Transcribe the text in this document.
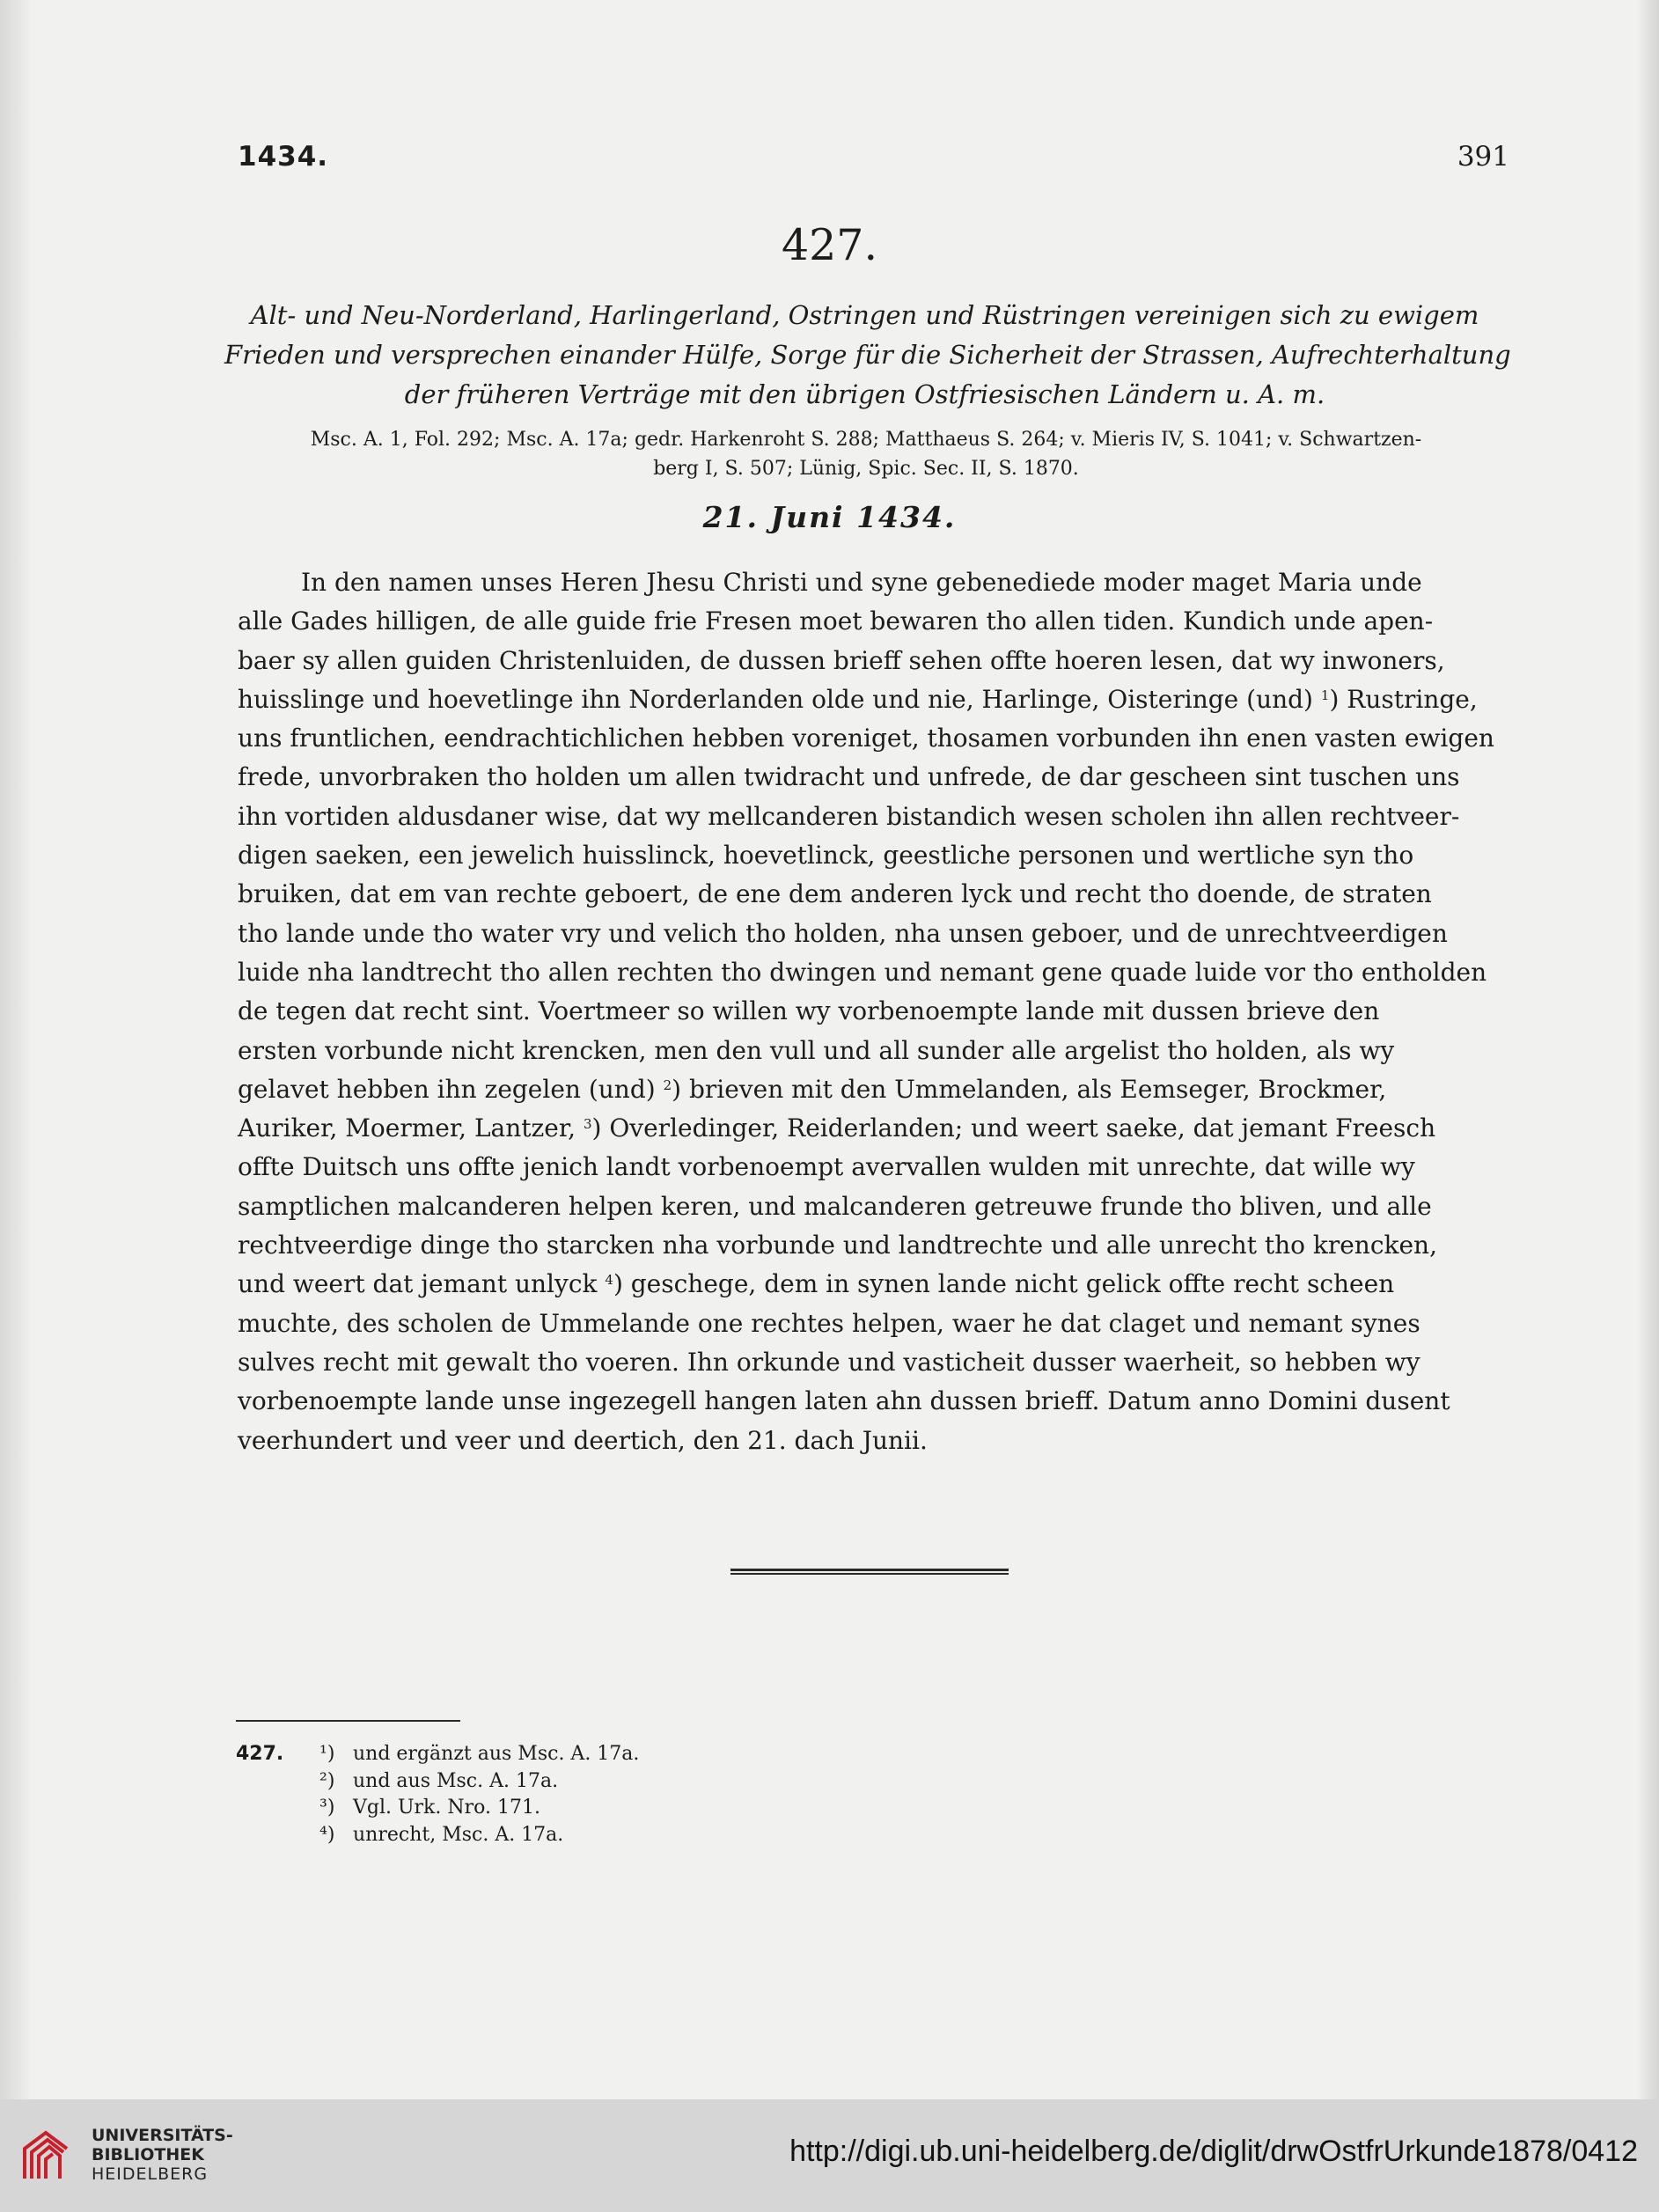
1434.	391
427.
Alt- und Neu-Norderland, Harlingerland, Ostringen und Rüstringen vereinigen sich zu ewigem
Frieden und versprechen einander Hülfe, Sorge für die Sicherheit der Strassen, Aufrechterhaltung
der früheren Verträge mit den übrigen Ostfriesischen Ländern u. A. m.
Msc. A. 1, Fol. 292; Msc. A. 17a; gedr. Harkenroht S. 288; Matthaeus S. 264; v. Mieris IV, S. 1041; v. Schwartzen-
berg I, S. 507; Lünig, Spic. Sec. II, S. 1870.
21. Juni 1434.
In den namen unses Heren Jhesu Christi und syne gebenediede moder maget Maria unde
alle Gades hilligen, de alle guide frie Fresen moet bewaren tho allen tiden. Kundich unde apen-
baer sy allen guiden Christenluiden, de dussen brieff sehen offte hoeren lesen, dat wy inwoners,
huisslinge und hoevetlinge ihn Norderlanden olde und nie, Harlinge, Oisteringe (und) $^1$) Rustringe,
uns fruntlichen, eendrachtichlichen hebben voreniget, thosamen vorbunden ihn enen vasten ewigen
frede, unvorbraken tho holden um allen twidracht und unfrede, de dar gescheen sint tuschen uns
ihn vortiden aldusdaner wise, dat wy mellcanderen bistandich wesen scholen ihn allen rechtveer-
digen saeken, een jewelich huisslinck, hoevetlinck, geestliche personen und wertliche syn tho
bruiken, dat em van rechte geboert, de ene dem anderen lyck und recht tho doende, de straten
tho lande unde tho water vry und velich tho holden, nha unsen geboer, und de unrechtveerdigen
luide nha landtrecht tho allen rechten tho dwingen und nemant gene quade luide vor tho entholden
de tegen dat recht sint. Voertmeer so willen wy vorbenoempte lande mit dussen brieve den
ersten vorbunde nicht krencken, men den vull und all sunder alle argelist tho holden, als wy
gelavet hebben ihn zegelen (und) $^2$) brieven mit den Ummelanden, als Eemseger, Brockmer,
Auriker, Moermer, Lantzer, $^3$) Overledinger, Reiderlanden; und weert saeke, dat jemant Freesch
offte Duitsch uns offte jenich landt vorbenoempt avervallen wulden mit unrechte, dat wille wy
samptlichen malcanderen helpen keren, und malcanderen getreuwe frunde tho bliven, und alle
rechtveerdige dinge tho starcken nha vorbunde und landtrechte und alle unrecht tho krencken,
und weert dat jemant unlyck $^4$) geschege, dem in synen lande nicht gelick offte recht scheen
muchte, des scholen de Ummelande one rechtes helpen, waer he dat claget und nemant synes
sulves recht mit gewalt tho voeren. Ihn orkunde und vasticheit dusser waerheit, so hebben wy
vorbenoempte lande unse ingezegell hangen laten ahn dussen brieff. Datum anno Domini dusent
veerhundert und veer und deertich, den 21. dach Junii.
427.	¹) und ergänzt aus Msc. A. 17a.
²) und aus Msc. A. 17a.
³) Vgl. Urk. Nro. 171.
⁴) unrecht, Msc. A. 17a.
UNIVERSITÄTS-
BIBLIOTHEK
HEIDELBERG
http://digi.ub.uni-heidelberg.de/diglit/drwOstfrUrkunde1878/0412
